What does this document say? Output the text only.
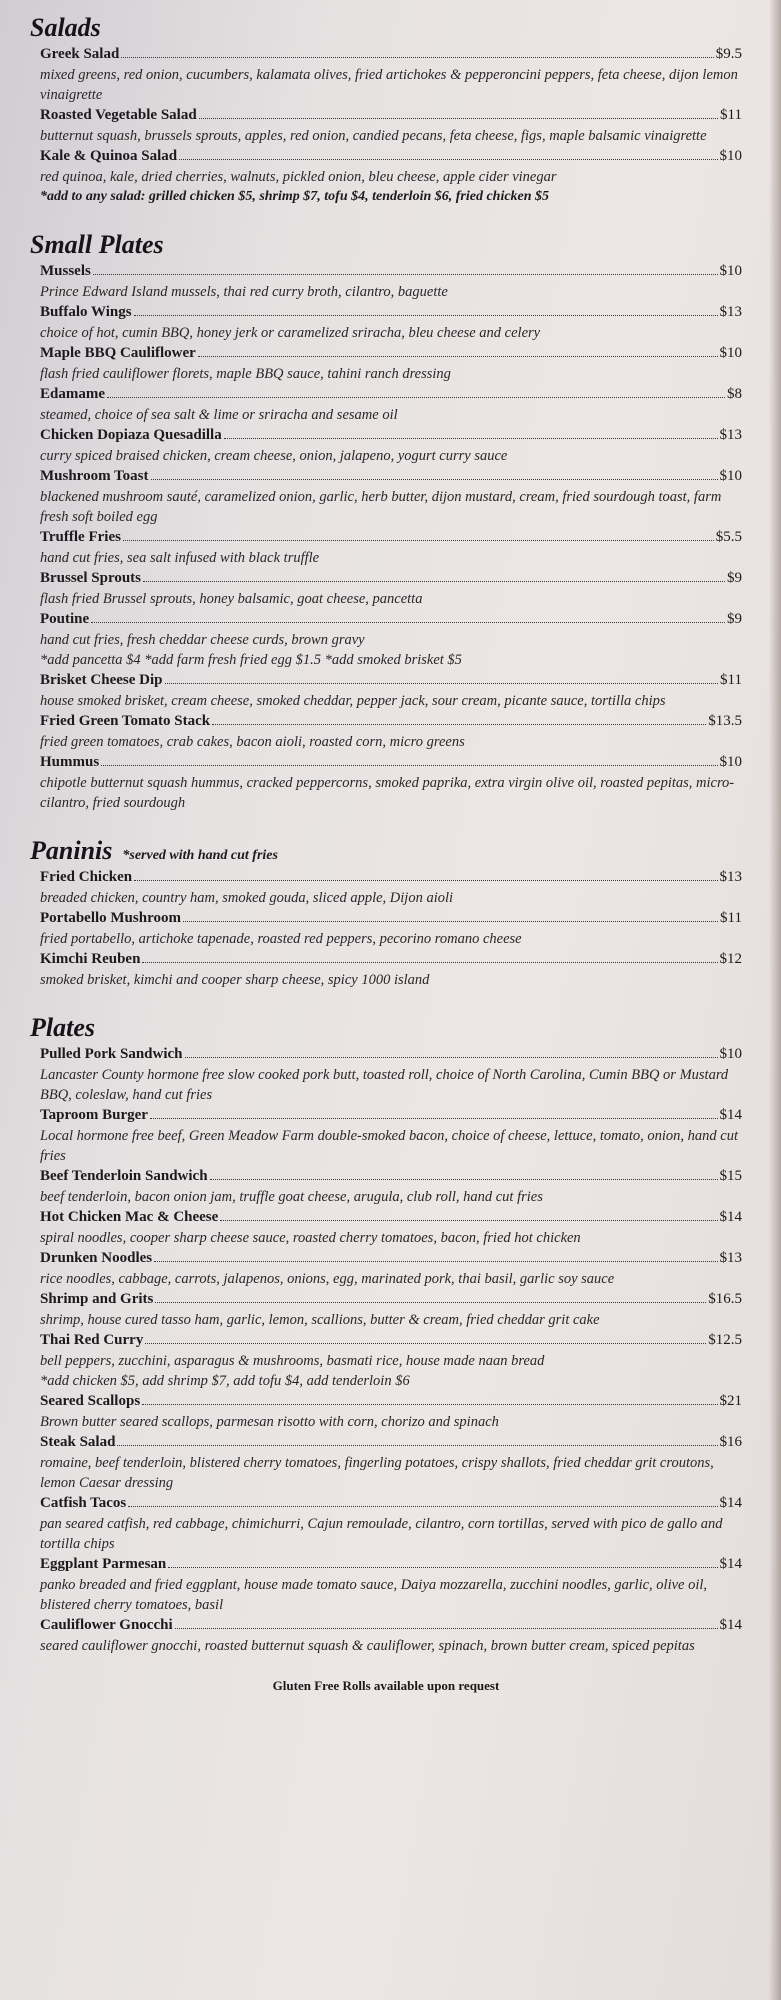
Salads
Greek Salad	$9.5
mixed greens, red onion, cucumbers, kalamata olives, fried artichokes & pepperoncini peppers, feta cheese, dijon lemon vinaigrette
Roasted Vegetable Salad	$11
butternut squash, brussels sprouts, apples, red onion, candied pecans, feta cheese, figs, maple balsamic vinaigrette
Kale & Quinoa Salad	$10
red quinoa, kale, dried cherries, walnuts, pickled onion, bleu cheese, apple cider vinegar
*add to any salad: grilled chicken $5, shrimp $7, tofu $4, tenderloin $6, fried chicken $5
Small Plates
Mussels	$10
Prince Edward Island mussels, thai red curry broth, cilantro, baguette
Buffalo Wings	$13
choice of hot, cumin BBQ, honey jerk or caramelized sriracha, bleu cheese and celery
Maple BBQ Cauliflower	$10
flash fried cauliflower florets, maple BBQ sauce, tahini ranch dressing
Edamame	$8
steamed, choice of sea salt & lime or sriracha and sesame oil
Chicken Dopiaza Quesadilla	$13
curry spiced braised chicken, cream cheese, onion, jalapeno, yogurt curry sauce
Mushroom Toast	$10
blackened mushroom sauté, caramelized onion, garlic, herb butter, dijon mustard, cream, fried sourdough toast, farm fresh soft boiled egg
Truffle Fries	$5.5
hand cut fries, sea salt infused with black truffle
Brussel Sprouts	$9
flash fried Brussel sprouts, honey balsamic, goat cheese, pancetta
Poutine	$9
hand cut fries, fresh cheddar cheese curds, brown gravy
*add pancetta $4 *add farm fresh fried egg $1.5 *add smoked brisket $5
Brisket Cheese Dip	$11
house smoked brisket, cream cheese, smoked cheddar, pepper jack, sour cream, picante sauce, tortilla chips
Fried Green Tomato Stack	$13.5
fried green tomatoes, crab cakes, bacon aioli, roasted corn, micro greens
Hummus	$10
chipotle butternut squash hummus, cracked peppercorns, smoked paprika, extra virgin olive oil, roasted pepitas, micro-cilantro, fried sourdough
Paninis *served with hand cut fries
Fried Chicken	$13
breaded chicken, country ham, smoked gouda, sliced apple, Dijon aioli
Portabello Mushroom	$11
fried portabello, artichoke tapenade, roasted red peppers, pecorino romano cheese
Kimchi Reuben	$12
smoked brisket, kimchi and cooper sharp cheese, spicy 1000 island
Plates
Pulled Pork Sandwich	$10
Lancaster County hormone free slow cooked pork butt, toasted roll, choice of North Carolina, Cumin BBQ or Mustard BBQ, coleslaw, hand cut fries
Taproom Burger	$14
Local hormone free beef, Green Meadow Farm double-smoked bacon, choice of cheese, lettuce, tomato, onion, hand cut fries
Beef Tenderloin Sandwich	$15
beef tenderloin, bacon onion jam, truffle goat cheese, arugula, club roll, hand cut fries
Hot Chicken Mac & Cheese	$14
spiral noodles, cooper sharp cheese sauce, roasted cherry tomatoes, bacon, fried hot chicken
Drunken Noodles	$13
rice noodles, cabbage, carrots, jalapenos, onions, egg, marinated pork, thai basil, garlic soy sauce
Shrimp and Grits	$16.5
shrimp, house cured tasso ham, garlic, lemon, scallions, butter & cream, fried cheddar grit cake
Thai Red Curry	$12.5
bell peppers, zucchini, asparagus & mushrooms, basmati rice, house made naan bread
*add chicken $5, add shrimp $7, add tofu $4, add tenderloin $6
Seared Scallops	$21
Brown butter seared scallops, parmesan risotto with corn, chorizo and spinach
Steak Salad	$16
romaine, beef tenderloin, blistered cherry tomatoes, fingerling potatoes, crispy shallots, fried cheddar grit croutons, lemon Caesar dressing
Catfish Tacos	$14
pan seared catfish, red cabbage, chimichurri, Cajun remoulade, cilantro, corn tortillas, served with pico de gallo and tortilla chips
Eggplant Parmesan	$14
panko breaded and fried eggplant, house made tomato sauce, Daiya mozzarella, zucchini noodles, garlic, olive oil, blistered cherry tomatoes, basil
Cauliflower Gnocchi	$14
seared cauliflower gnocchi, roasted butternut squash & cauliflower, spinach, brown butter cream, spiced pepitas
Gluten Free Rolls available upon request
